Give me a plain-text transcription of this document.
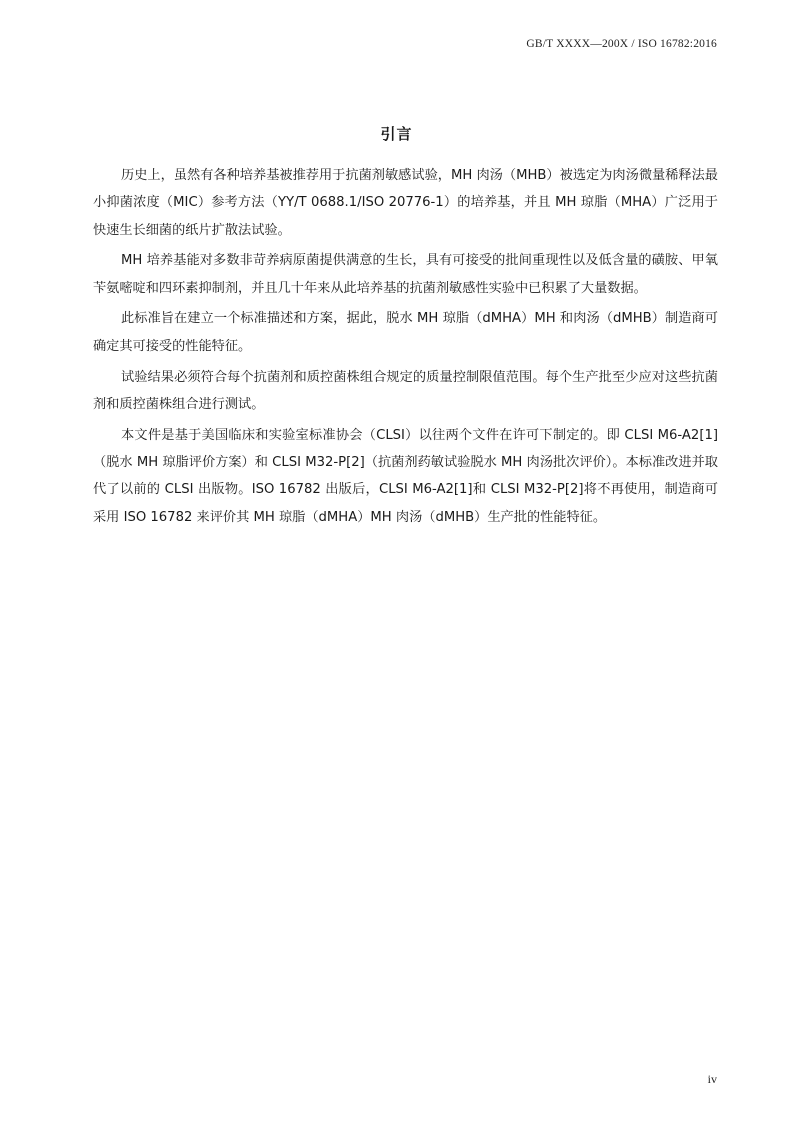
GB/T XXXX—200X / ISO 16782:2016
引言

历史上，虽然有各种培养基被推荐用于抗菌剂敏感试验，MH 肉汤（MHB）被选定为肉汤微量稀释法最小抑菌浓度（MIC）参考方法（YY/T 0688.1/ISO 20776-1）的培养基，并且 MH 琼脂（MHA）广泛用于快速生长细菌的纸片扩散法试验。

MH 培养基能对多数非苛养病原菌提供满意的生长，具有可接受的批间重现性以及低含量的磺胺、甲氧苄氨嘧啶和四环素抑制剂，并且几十年来从此培养基的抗菌剂敏感性实验中已积累了大量数据。

此标准旨在建立一个标准描述和方案，据此，脱水 MH 琼脂（dMHA）MH 和肉汤（dMHB）制造商可确定其可接受的性能特征。

试验结果必须符合每个抗菌剂和质控菌株组合规定的质量控制限值范围。每个生产批至少应对这些抗菌剂和质控菌株组合进行测试。

本文件是基于美国临床和实验室标准协会（CLSI）以往两个文件在许可下制定的。即 CLSI M6-A2[1]（脱水 MH 琼脂评价方案）和 CLSI M32-P[2]（抗菌剂药敏试验脱水 MH 肉汤批次评价）。本标准改进并取代了以前的 CLSI 出版物。ISO 16782 出版后，CLSI M6-A2[1]和 CLSI M32-P[2]将不再使用，制造商可采用 ISO 16782 来评价其 MH 琼脂（dMHA）MH 肉汤（dMHB）生产批的性能特征。

iv
